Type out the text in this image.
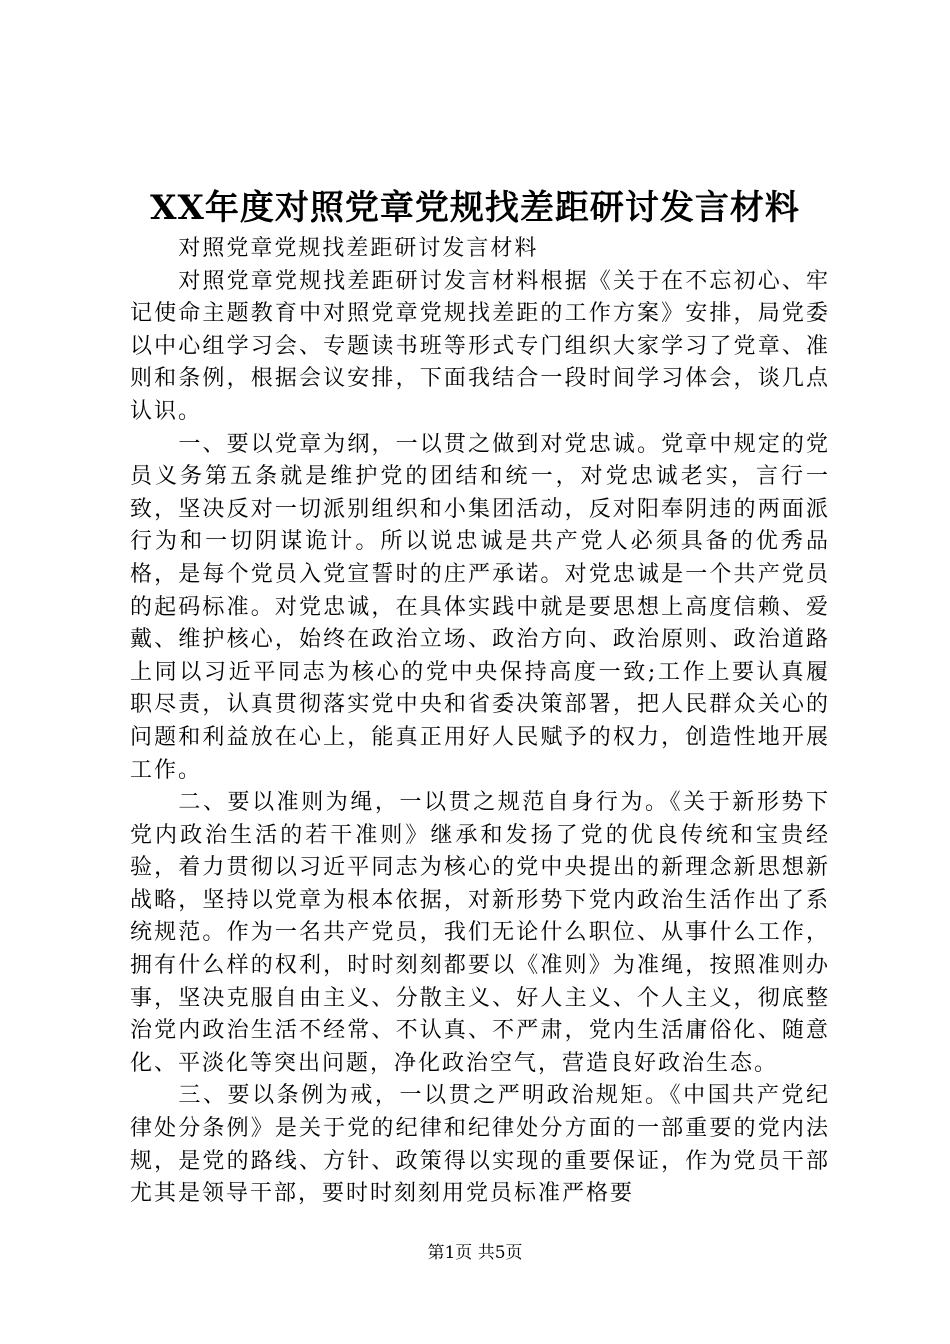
XX年度对照党章党规找差距研讨发言材料

对照党章党规找差距研讨发言材料

对照党章党规找差距研讨发言材料根据《关于在不忘初心、牢记使命主题教育中对照党章党规找差距的工作方案》安排，局党委以中心组学习会、专题读书班等形式专门组织大家学习了党章、准则和条例，根据会议安排，下面我结合一段时间学习体会，谈几点认识。

一、要以党章为纲，一以贯之做到对党忠诚。党章中规定的党员义务第五条就是维护党的团结和统一，对党忠诚老实，言行一致，坚决反对一切派别组织和小集团活动，反对阳奉阴违的两面派行为和一切阴谋诡计。所以说忠诚是共产党人必须具备的优秀品格，是每个党员入党宣誓时的庄严承诺。对党忠诚是一个共产党员的起码标准。对党忠诚，在具体实践中就是要思想上高度信赖、爱戴、维护核心，始终在政治立场、政治方向、政治原则、政治道路上同以习近平同志为核心的党中央保持高度一致;工作上要认真履职尽责，认真贯彻落实党中央和省委决策部署，把人民群众关心的问题和利益放在心上，能真正用好人民赋予的权力，创造性地开展工作。

二、要以准则为绳，一以贯之规范自身行为。《关于新形势下党内政治生活的若干准则》继承和发扬了党的优良传统和宝贵经验，着力贯彻以习近平同志为核心的党中央提出的新理念新思想新战略，坚持以党章为根本依据，对新形势下党内政治生活作出了系统规范。作为一名共产党员，我们无论什么职位、从事什么工作，拥有什么样的权利，时时刻刻都要以《准则》为准绳，按照准则办事，坚决克服自由主义、分散主义、好人主义、个人主义，彻底整治党内政治生活不经常、不认真、不严肃，党内生活庸俗化、随意化、平淡化等突出问题，净化政治空气，营造良好政治生态。

三、要以条例为戒，一以贯之严明政治规矩。《中国共产党纪律处分条例》是关于党的纪律和纪律处分方面的一部重要的党内法规，是党的路线、方针、政策得以实现的重要保证，作为党员干部尤其是领导干部，要时时刻刻用党员标准严格要

第1页 共5页
